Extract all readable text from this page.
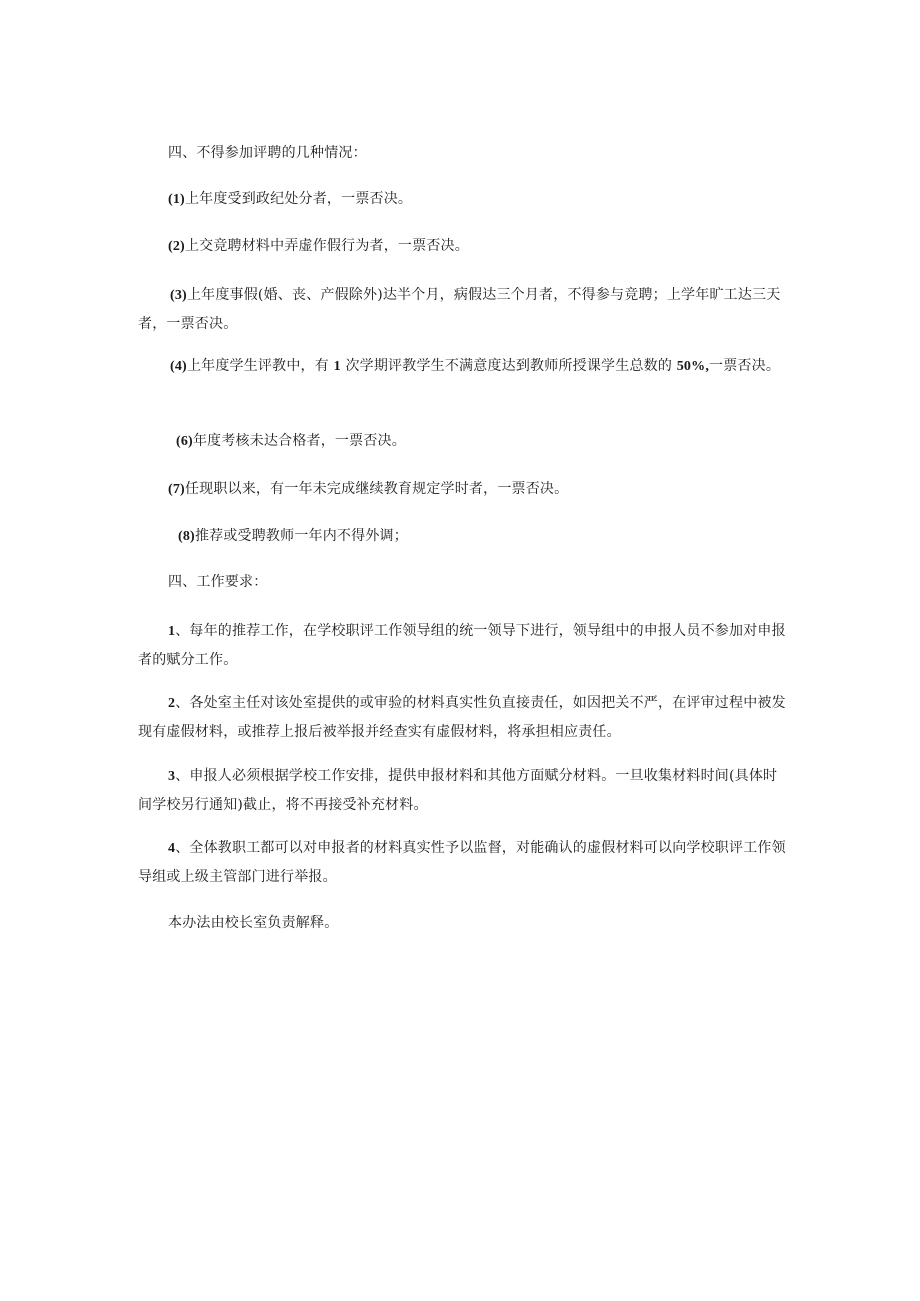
四、不得参加评聘的几种情况：

(1)上年度受到政纪处分者，一票否决。

(2)上交竞聘材料中弄虚作假行为者，一票否决。

(3)上年度事假(婚、丧、产假除外)达半个月，病假达三个月者，不得参与竞聘；上学年旷工达三天者，一票否决。

(4)上年度学生评教中，有 1 次学期评教学生不满意度达到教师所授课学生总数的 50%,一票否决。

(6)年度考核未达合格者，一票否决。

(7)任现职以来，有一年未完成继续教育规定学时者，一票否决。

(8)推荐或受聘教师一年内不得外调；

四、工作要求：

1、每年的推荐工作，在学校职评工作领导组的统一领导下进行，领导组中的申报人员不参加对申报者的赋分工作。

2、各处室主任对该处室提供的或审验的材料真实性负直接责任，如因把关不严，在评审过程中被发现有虚假材料，或推荐上报后被举报并经查实有虚假材料，将承担相应责任。

3、申报人必须根据学校工作安排，提供申报材料和其他方面赋分材料。一旦收集材料时间(具体时间学校另行通知)截止，将不再接受补充材料。

4、全体教职工都可以对申报者的材料真实性予以监督，对能确认的虚假材料可以向学校职评工作领导组或上级主管部门进行举报。

本办法由校长室负责解释。
